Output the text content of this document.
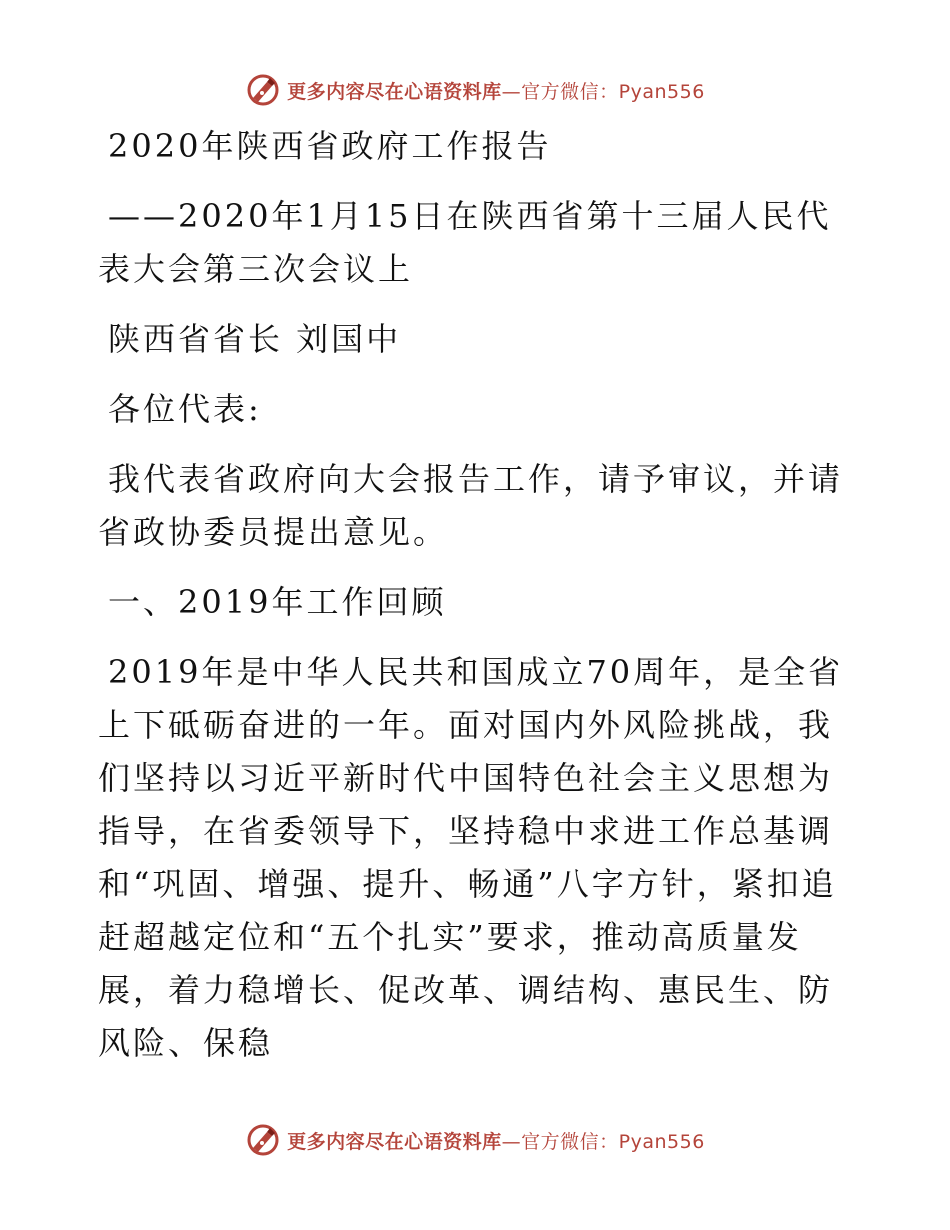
更多内容尽在心语资料库—官方微信：Pyan556

2020年陕西省政府工作报告

——2020年1月15日在陕西省第十三届人民代表大会第三次会议上

陕西省省长 刘国中

各位代表:

我代表省政府向大会报告工作，请予审议，并请省政协委员提出意见。

一、2019年工作回顾

2019年是中华人民共和国成立70周年，是全省上下砥砺奋进的一年。面对国内外风险挑战，我们坚持以习近平新时代中国特色社会主义思想为指导，在省委领导下，坚持稳中求进工作总基调和“巩固、增强、提升、畅通”八字方针，紧扣追赶超越定位和“五个扎实”要求，推动高质量发展，着力稳增长、促改革、调结构、惠民生、防风险、保稳

更多内容尽在心语资料库—官方微信：Pyan556
